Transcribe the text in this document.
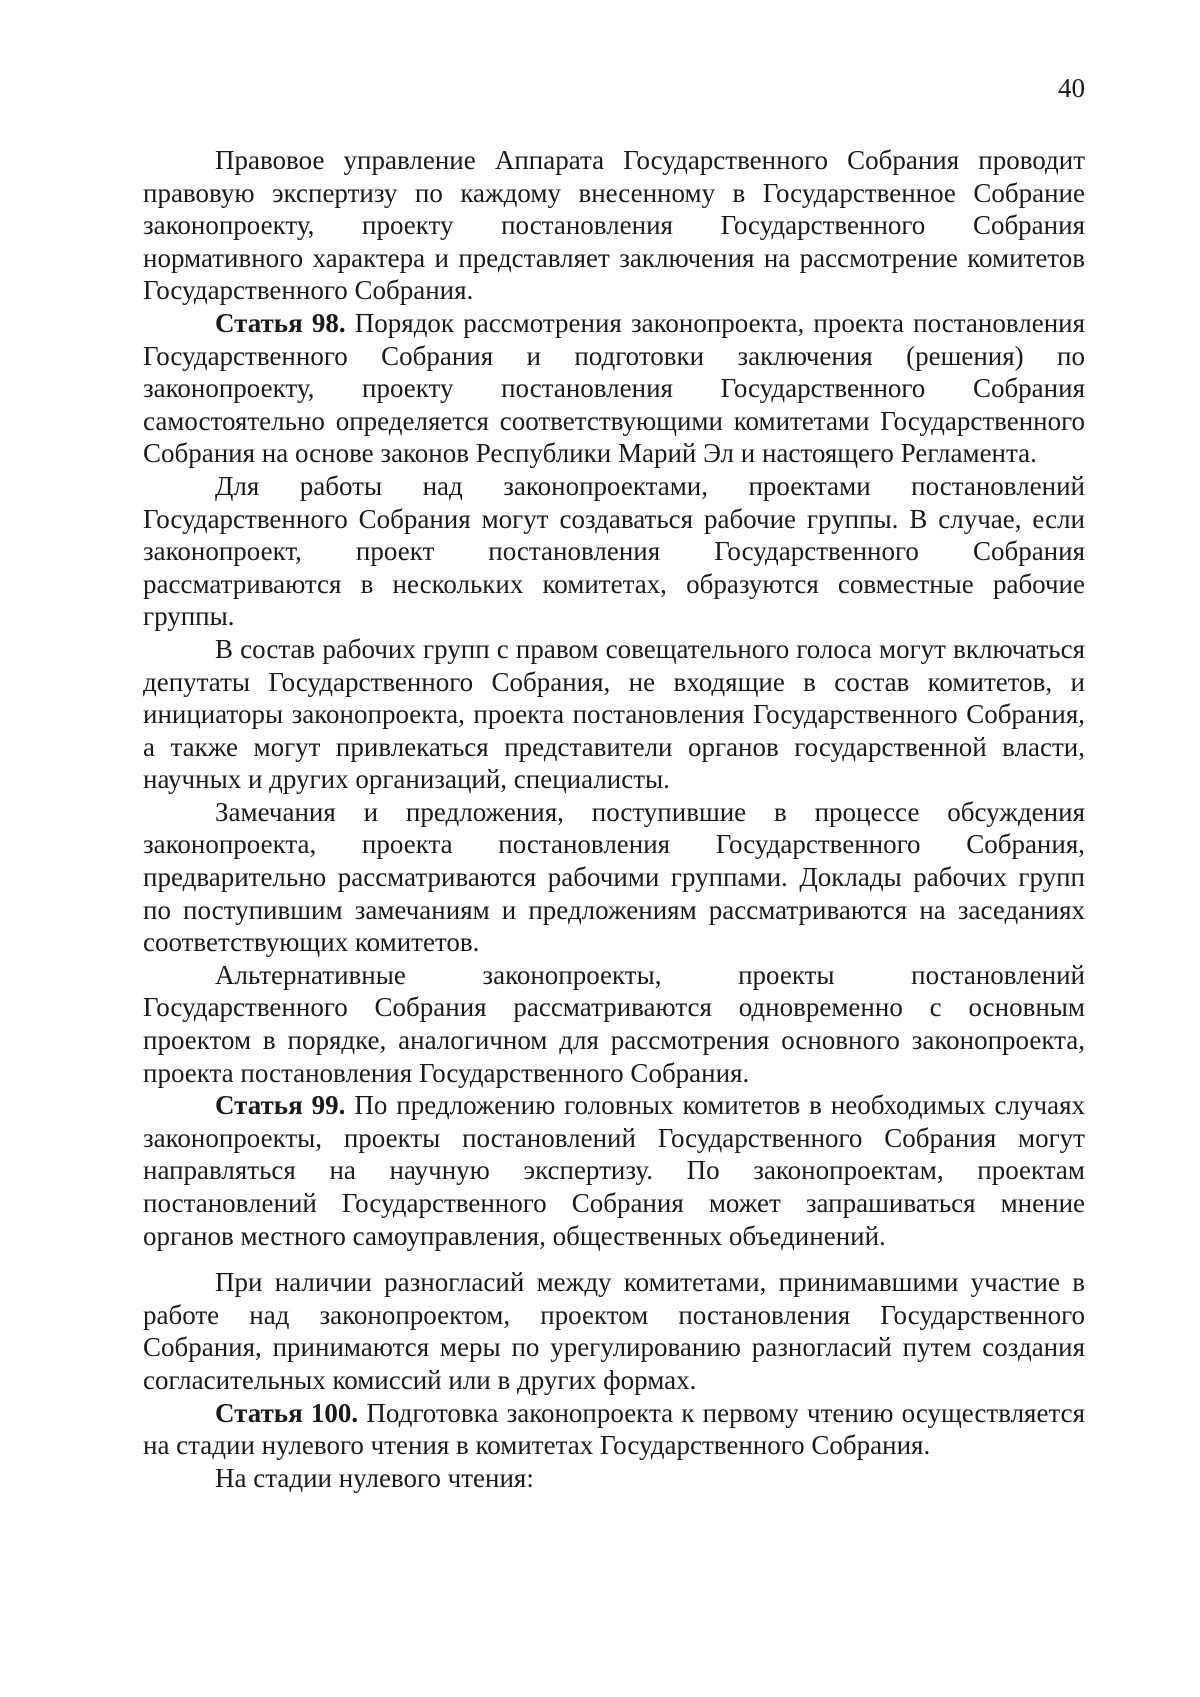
40

Правовое управление Аппарата Государственного Собрания проводит правовую экспертизу по каждому внесенному в Государственное Собрание законопроекту, проекту постановления Государственного Собрания нормативного характера и представляет заключения на рассмотрение комитетов Государственного Собрания.

Статья 98. Порядок рассмотрения законопроекта, проекта постановления Государственного Собрания и подготовки заключения (решения) по законопроекту, проекту постановления Государственного Собрания самостоятельно определяется соответствующими комитетами Государственного Собрания на основе законов Республики Марий Эл и настоящего Регламента.

Для работы над законопроектами, проектами постановлений Государственного Собрания могут создаваться рабочие группы. В случае, если законопроект, проект постановления Государственного Собрания рассматриваются в нескольких комитетах, образуются совместные рабочие группы.

В состав рабочих групп с правом совещательного голоса могут включаться депутаты Государственного Собрания, не входящие в состав комитетов, и инициаторы законопроекта, проекта постановления Государственного Собрания, а также могут привлекаться представители органов государственной власти, научных и других организаций, специалисты.

Замечания и предложения, поступившие в процессе обсуждения законопроекта, проекта постановления Государственного Собрания, предварительно рассматриваются рабочими группами. Доклады рабочих групп по поступившим замечаниям и предложениям рассматриваются на заседаниях соответствующих комитетов.

Альтернативные законопроекты, проекты постановлений Государственного Собрания рассматриваются одновременно с основным проектом в порядке, аналогичном для рассмотрения основного законопроекта, проекта постановления Государственного Собрания.

Статья 99. По предложению головных комитетов в необходимых случаях законопроекты, проекты постановлений Государственного Собрания могут направляться на научную экспертизу. По законопроектам, проектам постановлений Государственного Собрания может запрашиваться мнение органов местного самоуправления, общественных объединений.

При наличии разногласий между комитетами, принимавшими участие в работе над законопроектом, проектом постановления Государственного Собрания, принимаются меры по урегулированию разногласий путем создания согласительных комиссий или в других формах.

Статья 100. Подготовка законопроекта к первому чтению осуществляется на стадии нулевого чтения в комитетах Государственного Собрания.

На стадии нулевого чтения:
